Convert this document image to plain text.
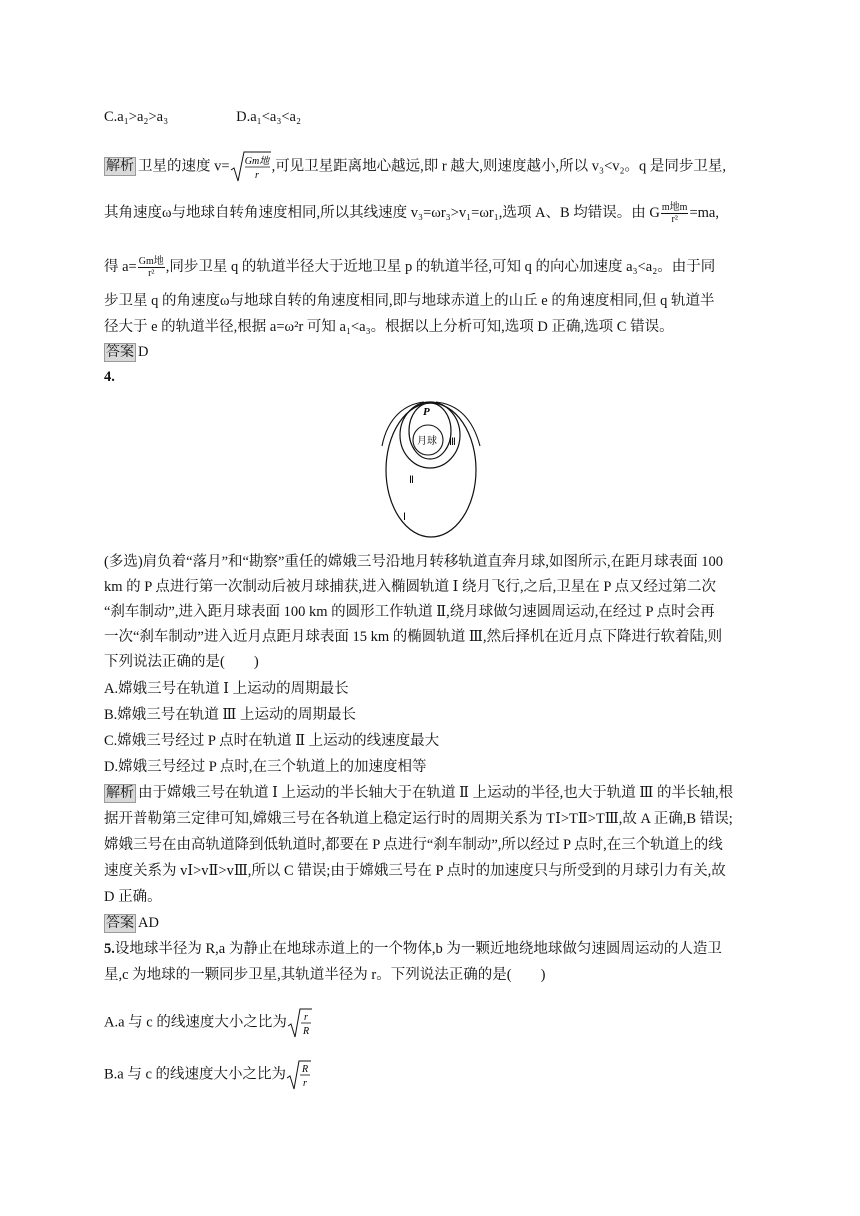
C.a₁>a₂>a₃	D.a₁<a₃<a₂
解析 卫星的速度 v= Gm地
r
,可见卫星距离地心越远,即 r 越大,则速度越小,所以 v₃<v₂。q 是同步卫星,
其角速度ω与地球自转角速度相同,所以其线速度 v₃=ωr₃>v₁=ωr₁,选项 A、B 均错误。由 G $\frac{\text{m地m}}{\text{r²}} =ma$,
得 $a= \frac{\text{Gm地}}{\text{r²}}$ ,同步卫星 q 的轨道半径大于近地卫星 p 的轨道半径,可知 q 的向心加速度 a₃<a₂。由于同
步卫星 q 的角速度ω与地球自转的角速度相同,即与地球赤道上的山丘 e 的角速度相同,但 q 轨道半
径大于 e 的轨道半径,根据 a=ω²r 可知 a₁<a₃。根据以上分析可知,选项 D 正确,选项 C 错误。
答案 D
4.
P
月球 Ⅲ
Ⅱ
Ⅰ
(多选)肩负着“落月”和“勘察”重任的嫦娥三号沿地月转移轨道直奔月球,如图所示,在距月球表面 100
km 的 P 点进行第一次制动后被月球捕获,进入椭圆轨道 Ⅰ 绕月飞行,之后,卫星在 P 点又经过第二次
“刹车制动”,进入距月球表面 100 km 的圆形工作轨道 Ⅱ,绕月球做匀速圆周运动,在经过 P 点时会再
一次“刹车制动”进入近月点距月球表面 15 km 的椭圆轨道 Ⅲ,然后择机在近月点下降进行软着陆,则
下列说法正确的是(　　)
A.嫦娥三号在轨道 Ⅰ 上运动的周期最长
B.嫦娥三号在轨道 Ⅲ 上运动的周期最长
C.嫦娥三号经过 P 点时在轨道 Ⅱ 上运动的线速度最大
D.嫦娥三号经过 P 点时,在三个轨道上的加速度相等
解析 由于嫦娥三号在轨道 Ⅰ 上运动的半长轴大于在轨道 Ⅱ 上运动的半径,也大于轨道 Ⅲ 的半长轴,根
据开普勒第三定律可知,嫦娥三号在各轨道上稳定运行时的周期关系为 TⅠ>TⅡ>TⅢ,故 A 正确,B 错误;
嫦娥三号在由高轨道降到低轨道时,都要在 P 点进行“刹车制动”,所以经过 P 点时,在三个轨道上的线
速度关系为 vⅠ>vⅡ>vⅢ,所以 C 错误;由于嫦娥三号在 P 点时的加速度只与所受到的月球引力有关,故
D 正确。
答案 AD
5.设地球半径为 R,a 为静止在地球赤道上的一个物体,b 为一颗近地绕地球做匀速圆周运动的人造卫
星,c 为地球的一颗同步卫星,其轨道半径为 r。下列说法正确的是(　　)
A.a 与 c 的线速度大小之比为 r
R
B.a 与 c 的线速度大小之比为 R
r
